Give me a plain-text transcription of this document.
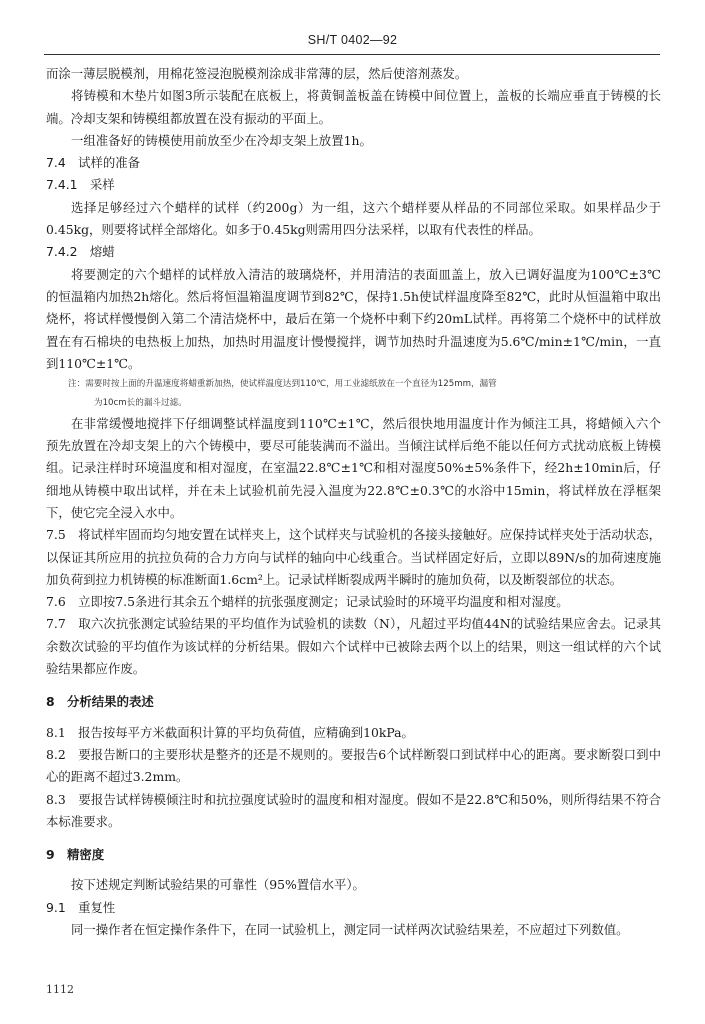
SH/T 0402—92

而涂一薄层脱模剂，用棉花签浸泡脱模剂涂成非常薄的层，然后使溶剂蒸发。

将铸模和木垫片如图3所示装配在底板上，将黄铜盖板盖在铸模中间位置上，盖板的长端应垂直于铸模的长端。冷却支架和铸模组都放置在没有振动的平面上。

一组准备好的铸模使用前放至少在冷却支架上放置1h。

7.4　试样的准备

7.4.1　采样

选择足够经过六个蜡样的试样（约200g）为一组，这六个蜡样要从样品的不同部位采取。如果样品少于0.45kg，则要将试样全部熔化。如多于0.45kg则需用四分法采样，以取有代表性的样品。

7.4.2　熔蜡

将要测定的六个蜡样的试样放入清洁的玻璃烧杯，并用清洁的表面皿盖上，放入已调好温度为100℃±3℃的恒温箱内加热2h熔化。然后将恒温箱温度调节到82℃，保持1.5h使试样温度降至82℃，此时从恒温箱中取出烧杯，将试样慢慢倒入第二个清洁烧杯中，最后在第一个烧杯中剩下约20mL试样。再将第二个烧杯中的试样放置在有石棉块的电热板上加热，加热时用温度计慢慢搅拌，调节加热时升温速度为5.6℃/min±1℃/min，一直到110℃±1℃。

注：需要时按上面的升温速度将蜡重新加热，使试样温度达到110℃，用工业滤纸放在一个直径为125mm，漏管
为10cm长的漏斗过滤。

在非常缓慢地搅拌下仔细调整试样温度到110℃±1℃，然后很快地用温度计作为倾注工具，将蜡倾入六个预先放置在冷却支架上的六个铸模中，要尽可能装满而不溢出。当倾注试样后绝不能以任何方式扰动底板上铸模组。记录注样时环境温度和相对湿度，在室温22.8℃±1℃和相对湿度50%±5%条件下，经2h±10min后，仔细地从铸模中取出试样，并在未上试验机前先浸入温度为22.8℃±0.3℃的水浴中15min，将试样放在浮框架下，使它完全浸入水中。

7.5　将试样牢固而均匀地安置在试样夹上，这个试样夹与试验机的各接头接触好。应保持试样夹处于活动状态，以保证其所应用的抗拉负荷的合力方向与试样的轴向中心线重合。当试样固定好后，立即以89N/s的加荷速度施加负荷到拉力机铸模的标准断面1.6cm²上。记录试样断裂成两半瞬时的施加负荷，以及断裂部位的状态。

7.6　立即按7.5条进行其余五个蜡样的抗张强度测定；记录试验时的环境平均温度和相对湿度。

7.7　取六次抗张测定试验结果的平均值作为试验机的读数（N），凡超过平均值44N的试验结果应舍去。记录其余数次试验的平均值作为该试样的分析结果。假如六个试样中已被除去两个以上的结果，则这一组试样的六个试验结果都应作废。

8　分析结果的表述

8.1　报告按每平方米截面积计算的平均负荷值，应精确到10kPa。

8.2　要报告断口的主要形状是整齐的还是不规则的。要报告6个试样断裂口到试样中心的距离。要求断裂口到中心的距离不超过3.2mm。

8.3　要报告试样铸模倾注时和抗拉强度试验时的温度和相对湿度。假如不是22.8℃和50%，则所得结果不符合本标准要求。

9　精密度

按下述规定判断试验结果的可靠性（95%置信水平）。

9.1　重复性

同一操作者在恒定操作条件下，在同一试验机上，测定同一试样两次试验结果差，不应超过下列数值。

1112
